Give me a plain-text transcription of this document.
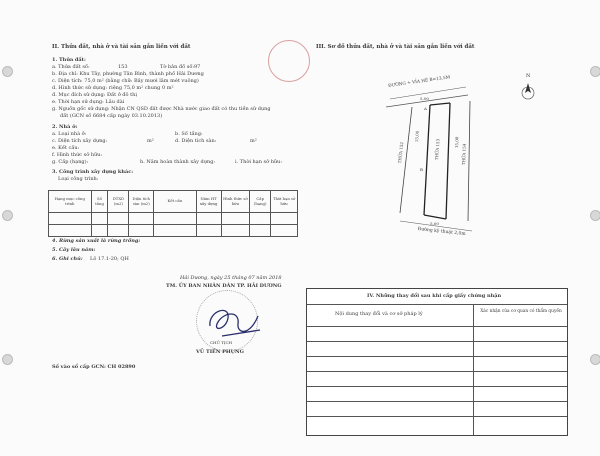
II. Thửa đất, nhà ở và tài sản gắn liền với đất
1. Thửa đất:
a. Thửa đất số:	153	Tờ bản đồ số: 97
b. Địa chỉ: Khu Tây, phường Tân Bình, thành phố Hải Dương
c. Diện tích: 75,0 m² (bằng chữ: Bảy mươi lăm mét vuông)
d. Hình thức sử dụng: riêng 75,0 m² chung 0 m²
đ. Mục đích sử dụng: Đất ở đô thị
e. Thời hạn sử dụng: Lâu dài
g. Nguồn gốc sử dụng: Nhận CN QSD đất được Nhà nước giao đất có thu tiền sử dụng
đất (GCN số 6684 cấp ngày 03.10.2013)
2. Nhà ở:
a. Loại nhà ở:	b. Số tầng:
c. Diện tích xây dựng:	m²	d. Diện tích sàn:	m²
e. Kết cấu:
f. Hình thức sở hữu:
g. Cấp (hạng):	h. Năm hoàn thành xây dựng:	i. Thời hạn sở hữu:
3. Công trình xây dựng khác:
Loại công trình:
Hạng mục công trình	Số tầng	DTXD (m2)	Diện tích sàn (m2)	Kết cấu	Năm HT xây dựng	Hình thức sở hữu	Cấp (hạng)	Thời hạn sở hữu

4. Rừng sản xuất là rừng trồng:
5. Cây lâu năm:
6. Ghi chú: Lô 17.1-20; QH
Hải Dương, ngày 25 tháng 07 năm 2018
TM. ỦY BAN NHÂN DÂN TP. HẢI DƯƠNG
CHỦ TỊCH
VŨ TIẾN PHỤNG
Số vào sổ cấp GCN: CH 02890
III. Sơ đồ thửa đất, nhà ở và tài sản gắn liền với đất
ĐƯỜNG + VỈA HÈ B=13.5M
5,00
N
A
B
15,00
15,00
THỬA 152	THỬA 153	THỬA 154
5,00
Đường kỹ thuật 2,0m
IV. Những thay đổi sau khi cấp giấy chứng nhận
Nội dung thay đổi và cơ sở pháp lý	Xác nhận của cơ quan có thẩm quyền
